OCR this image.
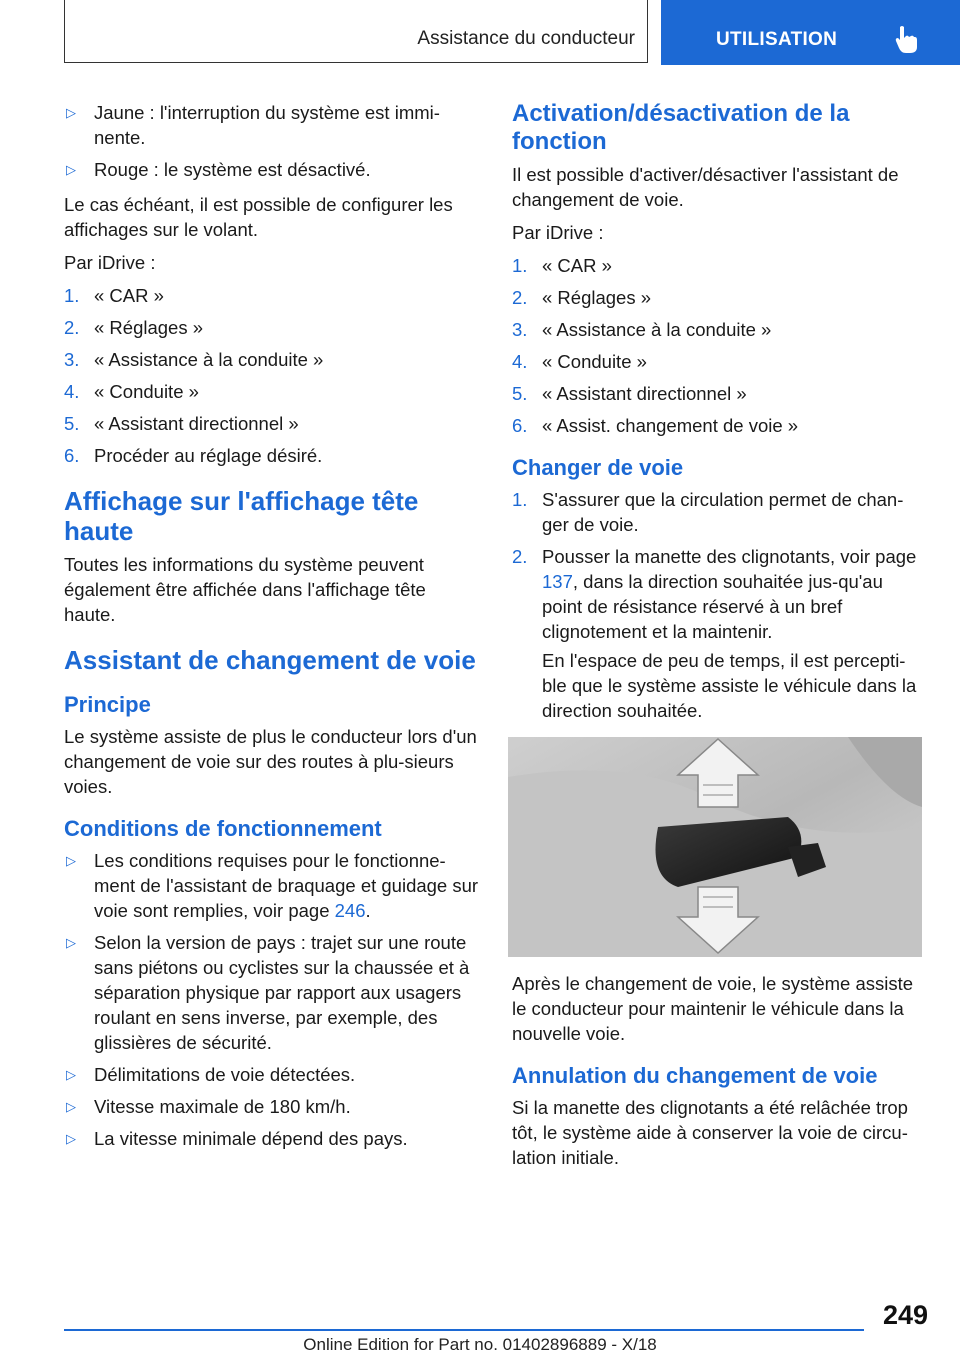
Assistance du conducteur	UTILISATION
▷ Jaune : l'interruption du système est immi-nente.
▷ Rouge : le système est désactivé.

Le cas échéant, il est possible de configurer les affichages sur le volant.

Par iDrive :

1. « CAR »
2. « Réglages »
3. « Assistance à la conduite »
4. « Conduite »
5. « Assistant directionnel »
6. Procéder au réglage désiré.
Affichage sur l'affichage tête haute

Toutes les informations du système peuvent également être affichée dans l'affichage tête haute.

Assistant de changement de voie
Principe

Le système assiste de plus le conducteur lors d'un changement de voie sur des routes à plu-sieurs voies.

Conditions de fonctionnement
▷ Les conditions requises pour le fonctionne-ment de l'assistant de braquage et guidage sur voie sont remplies, voir page 246.
▷ Selon la version de pays : trajet sur une route sans piétons ou cyclistes sur la chaussée et à séparation physique par rapport aux usagers roulant en sens inverse, par exemple, des glissières de sécurité.
▷ Délimitations de voie détectées.
▷ Vitesse maximale de 180 km/h.
▷ La vitesse minimale dépend des pays.
Activation/désactivation de la fonction

Il est possible d'activer/désactiver l'assistant de changement de voie.

Par iDrive :

1. « CAR »
2. « Réglages »
3. « Assistance à la conduite »
4. « Conduite »
5. « Assistant directionnel »
6. « Assist. changement de voie »
Changer de voie
1. S'assurer que la circulation permet de chan-ger de voie.
2. Pousser la manette des clignotants, voir page 137, dans la direction souhaitée jus-qu'au point de résistance réservé à un bref clignotement et la maintenir.

En l'espace de peu de temps, il est percepti-ble que le système assiste le véhicule dans la direction souhaitée.

Après le changement de voie, le système assiste le conducteur pour maintenir le véhicule dans la nouvelle voie.

Annulation du changement de voie

Si la manette des clignotants a été relâchée trop tôt, le système aide à conserver la voie de circu-lation initiale.

249
Online Edition for Part no. 01402896889 - X/18
